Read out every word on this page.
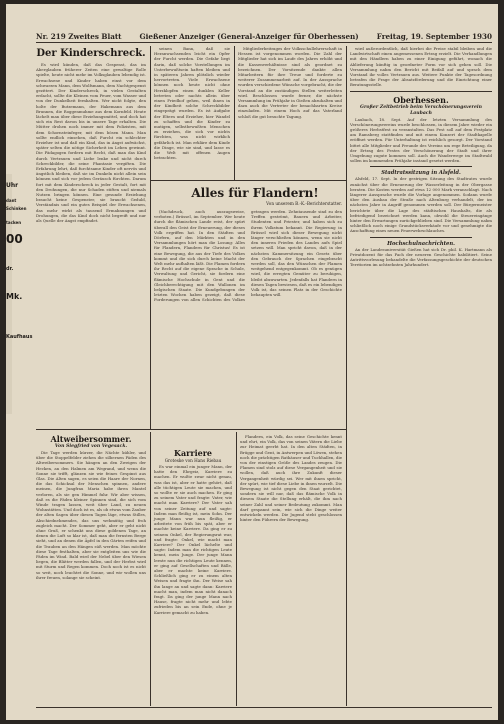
Uhr
dant
Schinken
tacken
00
dr.
Mk.
Kaufhaus
Nr. 219 Zweites Blatt	Gießener Anzeiger (General-Anzeiger für Oberhessen)	Freitag, 19. September 1930
Der Kinderschreck.

Es wird künden, daß das Gespenst, das im Aberglauben früherer Zeiten eine gewaltige Rolle spielte, heute nicht mehr im Volksglauben lebendig ist. Erwachsene und Kinder haben einst vor dem schwarzen Mann, dem Wolfsmann, dem Nachtgespenst gezittert. Der Kinderschreck, in vielen Gestalten erdacht, sollte die Kleinen vom Feuer, vom Wasser und von der Dunkelheit fernhalten. Wer nicht folgte, den holte der Butzemann, der Hakemann aus dem Brunnen, die Roggenmuhme aus dem Kornfeld. Heute lächelt man über diese Erziehungsmittel, und doch hat sich ein Rest davon bis in unsere Tage erhalten. Die Mütter drohen noch immer mit dem Polizisten, mit dem Schornsteinfeger, mit dem bösen Mann. Man sollte endlich einsehen, daß Furcht ein schlechter Erzieher ist und daß ein Kind, das in Angst aufwächst, später selten die nötige Sicherheit im Leben gewinnt. Die Pädagogen fordern mit Recht, daß man das Kind durch Vertrauen und Liebe lenke und nicht durch Schreckbilder, die seine Phantasie vergiften. Die Erfahrung lehrt, daß furchtsame Kinder oft nervös und ängstlich bleiben, daß sie im Dunkeln nicht allein sein können und sich vor jedem Geräusch fürchten. Darum fort mit dem Kinderschreck in jeder Gestalt, fort mit den Drohungen, die nur Schaden stiften und niemals Nutzen bringen können. Eine gesunde Erziehung braucht keine Gespenster, sie braucht Geduld, Verständnis und ein gutes Beispiel der Erwachsenen, das mehr wirkt als tausend Ermahnungen und Drohungen, die das Kind doch nicht begreift und nur als Quelle der Angst empfindet.

seinen Bann, daß sie Heranwachsenden leicht ein Opfer der Furcht werden. Die Gefahr liegt darin, daß solche Vorstellungen im Unterbewußtsein haften bleiben und in späteren Jahren plötzlich wieder hervortreten. Viele Erwachsene können noch heute nicht ohne Herzklopfen einen dunklen Keller betreten oder nachts allein über einen Friedhof gehen, weil ihnen in der Kindheit solche Schreckbilder eingeprägt wurden. Es ist Aufgabe der Eltern und Erzieher, hier Wandel zu schaffen und die Kinder zu mutigen, selbstbewußten Menschen zu erziehen, die sich vor nichts fürchten, was nicht wirklich gefährlich ist. Man erkläre dem Kinde die Dinge, wie sie sind, und lasse es die Welt mit offenen Augen betrachten.

Mitgliederbeitrages der Volksschullehrerschaft in Hessen ist vorgenommen worden. Die Zahl der Mitglieder hat sich im Laufe des Jahres erhöht und die Kassenverhältnisse sind als geordnet zu bezeichnen. Der Vorsitzende dankte allen Mitarbeitern für ihre Treue und forderte zu weiterer Zusammenarbeit auf. In der Aussprache wurden verschiedene Wünsche vorgebracht, die der Vorstand an die zuständigen Stellen weiterleiten wird. Beschlossen wurde ferner, die nächste Versammlung im Frühjahr in Gießen abzuhalten und dazu auch die Vertreter der benachbarten Kreise einzuladen. Mit einem Hoch auf das Vaterland schloß die gut besuchte Tagung.

wird außerordentlich, daß hierbei die Preise stabil bleiben und die Landwirtschaft einen angemessenen Ertrag erzielt. Die Verhandlungen mit den Händlern haben zu einer Einigung geführt, wonach die Ablieferung künftig in geordneter Form vor sich gehen soll. Die Versammlung nahm den Bericht mit Beifall auf und sprach dem Vorstand ihr volles Vertrauen aus. Weitere Punkte der Tagesordnung betrafen die Frage der Absatzförderung und die Einrichtung einer Beratungsstelle.

Oberhessen.
Großer Zeltbetrieb beim Verschönerungsverein Laubach

Laubach, 18. Sept. Auf der letzten Versammlung des Verschönerungsvereins wurde beschlossen, in diesem Jahre wieder ein größeres Herbstfest zu veranstalten. Das Fest soll auf dem Festplatz am Ramsberg stattfinden und mit einem Konzert der Stadtkapelle eröffnet werden. Für Unterhaltung ist reichlich gesorgt. Der Vorstand bittet alle Mitglieder und Freunde des Vereins um rege Beteiligung, da der Ertrag des Festes der Verschönerung der Stadt und ihrer Umgebung zugute kommen soll. Auch die Wanderwege im Stadtwald sollen im kommenden Frühjahr instand gesetzt werden.

Stadtratssitzung in Alsfeld.

Alsfeld, 17. Sept. In der gestrigen Sitzung des Stadtrates wurde zunächst über die Erneuerung der Wasserleitung in der Obergasse beraten. Die Kosten werden auf etwa 12 000 Mark veranschlagt. Nach längerer Aussprache wurde die Vorlage angenommen. Sodann wurde über den Ausbau der Straße nach Altenburg verhandelt, der im nächsten Jahre in Angriff genommen werden soll. Der Bürgermeister berichtete über die Lage des städtischen Haushalts, die als befriedigend bezeichnet werden kann, obwohl die Steuereingänge hinter den Erwartungen zurückgeblieben sind. Die Versammlung nahm schließlich noch einige Grundstücksverkäufe vor und genehmigte die Anschaffung eines neuen Feuerwehrschlauches.

Hochschulnachrichten.

An der Landesuniversität Gießen hat sich Dr. phil. K. Hartmann als Privatdozent für das Fach der neueren Geschichte habilitiert. Seine Antrittsvorlesung behandelte die Verfassungsgeschichte der deutschen Territorien im achtzehnten Jahrhundert.

Alles für Flandern!
Von unserem B.-K.-Berichterstatter.

(Nachdruck, auch auszugsweise, verboten.) Brüssel, im September. Wer heute durch die flämischen Lande reist, der spürt überall den Geist der Erneuerung, der dieses Volk ergriffen hat. In den Städten und Dörfern, auf den Märkten und in den Versammlungen hört man die Losung: Alles für Flandern, Flandern für Christus! Es ist eine Bewegung, die aus der Tiefe des Volkes kommt und die sich durch keine Macht der Welt mehr aufhalten läßt. Die Flamen fordern ihr Recht auf die eigene Sprache in Schule, Verwaltung und Gericht, sie fordern eine flämische Hochschule in Gent und die Gleichberechtigung mit den Wallonen im belgischen Staate. Die Kundgebungen der letzten Wochen haben gezeigt, daß diese Forderungen von allen Schichten des Volkes getragen werden. Zehntausende sind zu den Treffen geströmt, Bauern und Arbeiter, Studenten und Priester, und haben sich zu ihrem Volkstum bekannt. Die Regierung in Brüssel wird sich dieser Bewegung nicht länger verschließen können, wenn sie nicht den inneren Frieden des Landes aufs Spiel setzen will. Man spricht davon, daß in der nächsten Kammersitzung ein Gesetz über den Gebrauch der Sprachen eingebracht werden soll, das den Wünschen der Flamen weitgehend entgegenkommt. Ob es genügen wird, die erregten Gemüter zu beruhigen, bleibt abzuwarten. Jedenfalls hat Flandern in diesen Tagen bewiesen, daß es ein lebendiges Volk ist, das seinen Platz in der Geschichte behaupten will.

Altweibersommer.
Von Siegfried von Vegesack.

Die Tage werden kürzer, die Nächte kühler, und über die Stoppelfelder ziehen die silbernen Fäden des Altweibersommers. Sie hängen an den Zweigen der Hecken, an den Halmen am Wegrand, und wenn die Sonne sie trifft, glänzen sie wie feines Gespinst aus Glas. Die Alten sagen, es seien die Haare der Nornen, die das Schicksal der Menschen spinnen, andere meinen, die Jungfrau Maria habe ihren Mantel verloren, als sie gen Himmel fuhr. Wir aber wissen, daß es die Fäden kleiner Spinnen sind, die sich vom Winde tragen lassen, weit über Land, zu neuen Wohnstätten. Und doch ist es, als ob etwas vom Zauber der alten Sagen über diesen Tagen läge, etwas Stilles, Abschiednehmendes, das uns wehmütig und froh zugleich macht. Der Sommer geht, aber er geht nicht ohne Gruß, er schenkt uns diese goldenen Tage, an denen die Luft so klar ist, daß man die fernsten Berge sieht, und an denen die Äpfel in den Gärten reifen und die Trauben an den Hängen süß werden. Man möchte diese Tage festhalten, aber sie entgleiten uns wie die Fäden im Wind. Bald wird der Nebel über den Wiesen liegen, die Blätter werden fallen, und der Herbst wird mit Sturm und Regen kommen. Doch noch ist es nicht so weit, noch leuchtet die Sonne, und wir wollen uns ihrer freuen, solange sie scheint.

Karriere
Groteske von Hans Riebau

Es war einmal ein junger Mann, der hatte den Ehrgeiz, Karriere zu machen. Er wußte zwar nicht genau, was das ist, aber er hatte gehört, daß alle tüchtigen Leute sie machen, und so wollte er sie auch machen. Er ging zu seinem Vater und fragte: Vater, wie macht man Karriere? Der Vater sah von seiner Zeitung auf und sagte: Indem man fleißig ist, mein Sohn. Der junge Mann war nun fleißig, er arbeitete von früh bis spät, aber er machte keine Karriere. Da ging er zu seinem Onkel, der Regierungsrat war, und fragte: Onkel, wie macht man Karriere? Der Onkel lächelte und sagte: Indem man die richtigen Leute kennt, mein Junge. Der junge Mann lernte nun die richtigen Leute kennen, er ging auf Gesellschaften und Bälle, aber er machte keine Karriere. Schließlich ging er zu einem alten Weisen und fragte ihn. Der Weise sah ihn lange an und sagte dann: Karriere macht man, indem man nicht danach fragt. Da ging der junge Mann nach Hause, fragte nicht mehr und lebte zufrieden bis an sein Ende, ohne je Karriere gemacht zu haben.

Flandern, ein Volk, das seine Geschichte kennt und ehrt, ein Volk, das von seinen Vätern die Liebe zur Heimat geerbt hat. In den alten Städten, in Brügge und Gent, in Antwerpen und Löwen, stehen noch die prächtigen Rathäuser und Tuchhallen, die von der einstigen Größe des Landes zeugen. Die Flamen sind stolz auf diese Vergangenheit und sie wollen, daß auch ihre Zukunft dieser Vergangenheit würdig sei. Wer mit ihnen spricht, der spürt, wie tief diese Liebe in ihnen wurzelt. Die Bewegung ist nicht gegen den Staat gerichtet, sondern sie will nur, daß das flämische Volk in diesem Staate die Stellung erhält, die ihm nach seiner Zahl und seiner Bedeutung zukommt. Man darf gespannt sein, wie sich die Dinge weiter entwickeln werden. Die Jugend steht geschlossen hinter den Führern der Bewegung.
